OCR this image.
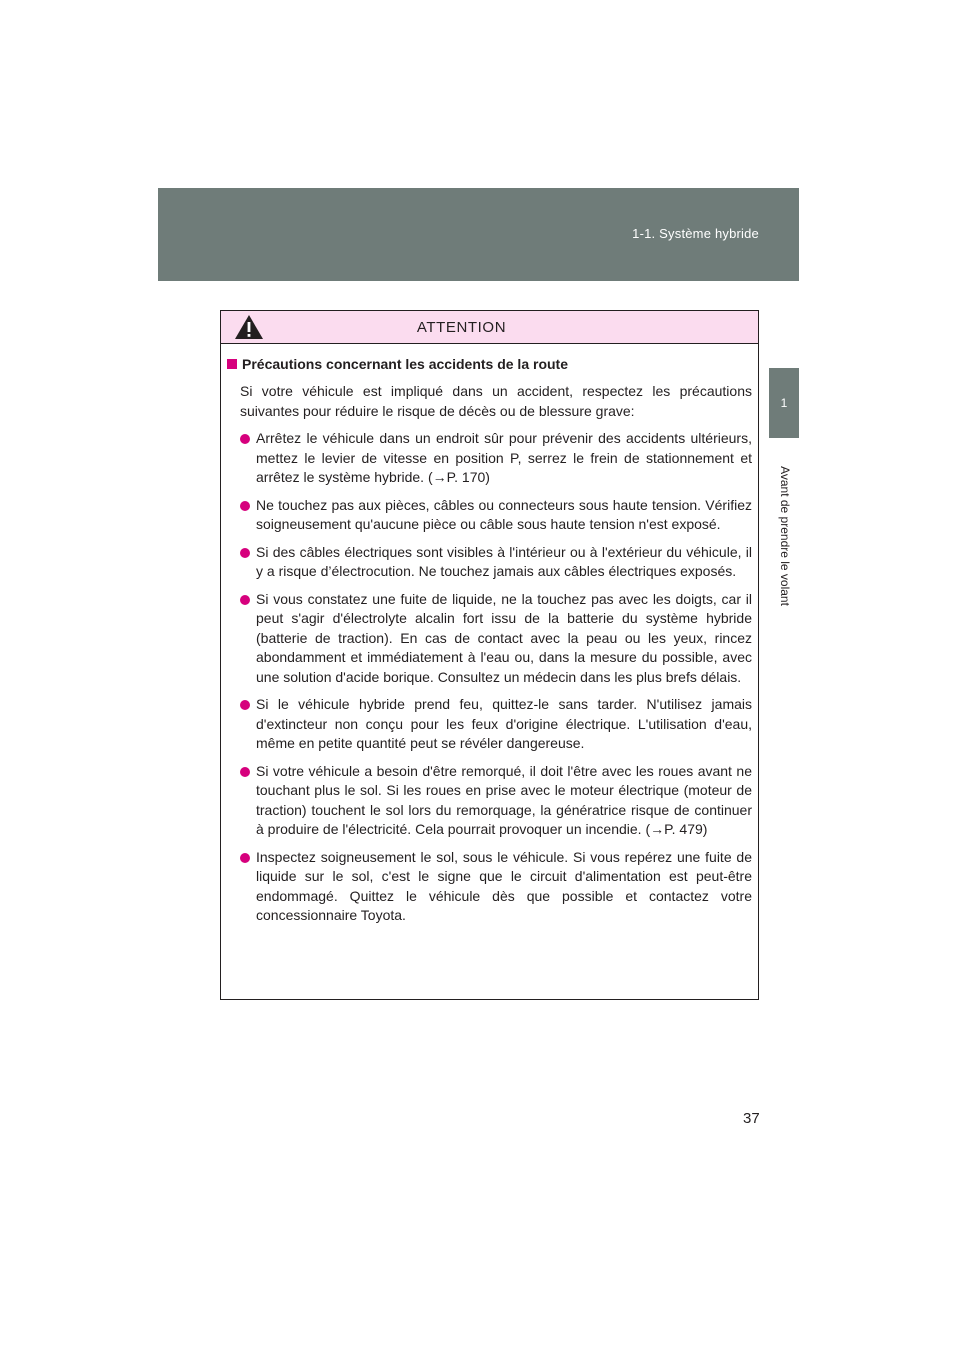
1-1. Système hybride
1
Avant de prendre le volant
ATTENTION
Précautions concernant les accidents de la route
Si votre véhicule est impliqué dans un accident, respectez les précautions suivantes pour réduire le risque de décès ou de blessure grave:
Arrêtez le véhicule dans un endroit sûr pour prévenir des accidents ultérieurs, mettez le levier de vitesse en position P, serrez le frein de stationnement et arrêtez le système hybride. (→P. 170)
Ne touchez pas aux pièces, câbles ou connecteurs sous haute tension. Vérifiez soigneusement qu'aucune pièce ou câble sous haute tension n'est exposé.
Si des câbles électriques sont visibles à l'intérieur ou à l'extérieur du véhicule, il y a risque d’électrocution. Ne touchez jamais aux câbles électriques exposés.
Si vous constatez une fuite de liquide, ne la touchez pas avec les doigts, car il peut s'agir d'électrolyte alcalin fort issu de la batterie du système hybride (batterie de traction). En cas de contact avec la peau ou les yeux, rincez abondamment et immédiatement à l'eau ou, dans la mesure du possible, avec une solution d'acide borique. Consultez un médecin dans les plus brefs délais.
Si le véhicule hybride prend feu, quittez-le sans tarder. N'utilisez jamais d'extincteur non conçu pour les feux d'origine électrique. L'utilisation d'eau, même en petite quantité peut se révéler dangereuse.
Si votre véhicule a besoin d'être remorqué, il doit l'être avec les roues avant ne touchant plus le sol. Si les roues en prise avec le moteur électrique (moteur de traction) touchent le sol lors du remorquage, la génératrice risque de continuer à produire de l'électricité. Cela pourrait provoquer un incendie. (→P. 479)
Inspectez soigneusement le sol, sous le véhicule. Si vous repérez une fuite de liquide sur le sol, c'est le signe que le circuit d'alimentation est peut-être endommagé. Quittez le véhicule dès que possible et contactez votre concessionnaire Toyota.
37
